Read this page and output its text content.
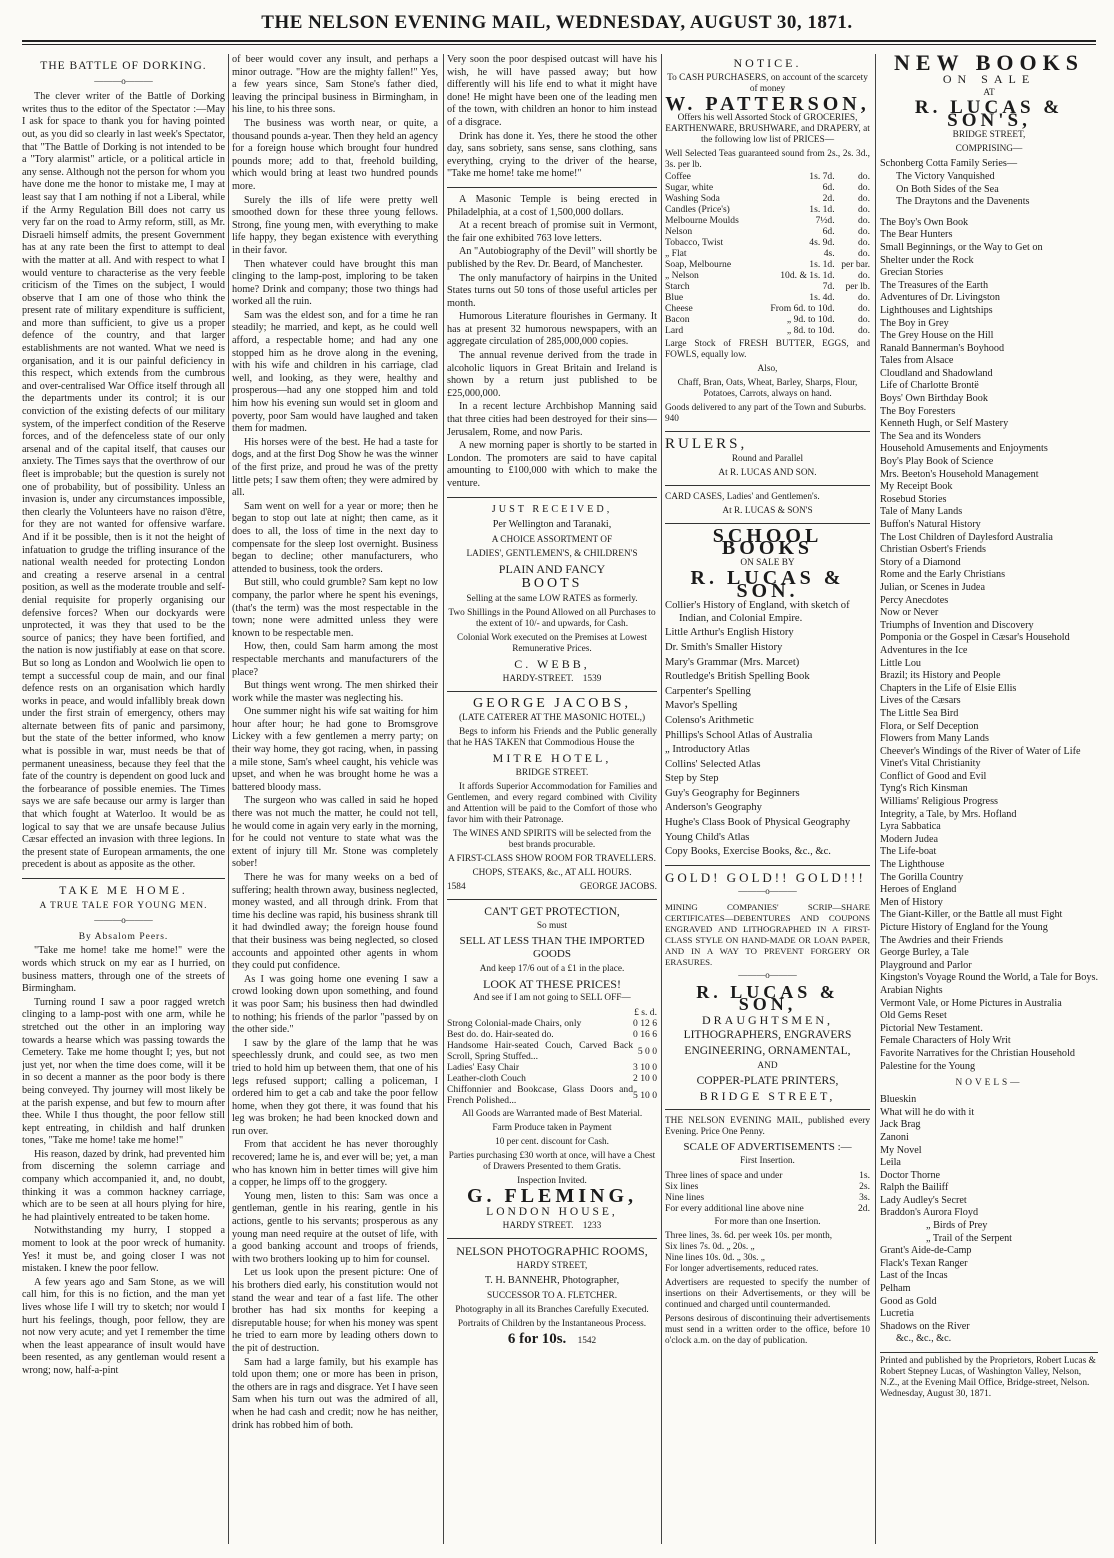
THE NELSON EVENING MAIL, WEDNESDAY, AUGUST 30, 1871.
THE BATTLE OF DORKING.
———o———

The clever writer of the Battle of Dorking writes thus to the editor of the Spectator :—May I ask for space to thank you for having pointed out, as you did so clearly in last week's Spectator, that "The Battle of Dorking is not intended to be a "Tory alarmist" article, or a political article in any sense. Although not the person for whom you have done me the honor to mistake me, I may at least say that I am nothing if not a Liberal, while if the Army Regulation Bill does not carry us very far on the road to Army reform, still, as Mr. Disraeli himself admits, the present Government has at any rate been the first to attempt to deal with the matter at all. And with respect to what I would venture to characterise as the very feeble criticism of the Times on the subject, I would observe that I am one of those who think the present rate of military expenditure is sufficient, and more than sufficient, to give us a proper defence of the country, and that larger establishments are not wanted. What we need is organisation, and it is our painful deficiency in this respect, which extends from the cumbrous and over-centralised War Office itself through all the departments under its control; it is our conviction of the existing defects of our military system, of the imperfect condition of the Reserve forces, and of the defenceless state of our only arsenal and of the capital itself, that causes our anxiety. The Times says that the overthrow of our fleet is improbable; but the question is surely not one of probability, but of possibility. Unless an invasion is, under any circumstances impossible, then clearly the Volunteers have no raison d'être, for they are not wanted for offensive warfare. And if it be possible, then is it not the height of infatuation to grudge the trifling insurance of the national wealth needed for protecting London and creating a reserve arsenal in a central position, as well as the moderate trouble and self-denial requisite for properly organising our defensive forces? When our dockyards were unprotected, it was they that used to be the source of panics; they have been fortified, and the nation is now justifiably at ease on that score. But so long as London and Woolwich lie open to tempt a successful coup de main, and our final defence rests on an organisation which hardly works in peace, and would infallibly break down under the first strain of emergency, others may alternate between fits of panic and parsimony, but the state of the better informed, who know what is possible in war, must needs be that of permanent uneasiness, because they feel that the fate of the country is dependent on good luck and the forbearance of possible enemies. The Times says we are safe because our army is larger than that which fought at Waterloo. It would be as logical to say that we are unsafe because Julius Cæsar effected an invasion with three legions. In the present state of European armaments, the one precedent is about as apposite as the other.

TAKE ME HOME.
A TRUE TALE FOR YOUNG MEN.
———o———
By Absalom Peers.

"Take me home! take me home!" were the words which struck on my ear as I hurried, on business matters, through one of the streets of Birmingham.

Turning round I saw a poor ragged wretch clinging to a lamp-post with one arm, while he stretched out the other in an imploring way towards a hearse which was passing towards the Cemetery. Take me home thought I; yes, but not just yet, nor when the time does come, will it be in so decent a manner as the poor body is there being conveyed. Thy journey will most likely be at the parish expense, and but few to mourn after thee. While I thus thought, the poor fellow still kept entreating, in childish and half drunken tones, "Take me home! take me home!"

His reason, dazed by drink, had prevented him from discerning the solemn carriage and company which accompanied it, and, no doubt, thinking it was a common hackney carriage, which are to be seen at all hours plying for hire, he had plaintively entreated to be taken home.

Notwithstanding my hurry, I stopped a moment to look at the poor wreck of humanity. Yes! it must be, and going closer I was not mistaken. I knew the poor fellow.

A few years ago and Sam Stone, as we will call him, for this is no fiction, and the man yet lives whose life I will try to sketch; nor would I hurt his feelings, though, poor fellow, they are not now very acute; and yet I remember the time when the least appearance of insult would have been resented, as any gentleman would resent a wrong; now, half-a-pint

of beer would cover any insult, and perhaps a minor outrage. "How are the mighty fallen!" Yes, a few years since, Sam Stone's father died, leaving the principal business in Birmingham, in his line, to his three sons.

The business was worth near, or quite, a thousand pounds a-year. Then they held an agency for a foreign house which brought four hundred pounds more; add to that, freehold building, which would bring at least two hundred pounds more.

Surely the ills of life were pretty well smoothed down for these three young fellows. Strong, fine young men, with everything to make life happy, they began existence with everything in their favor.

Then whatever could have brought this man clinging to the lamp-post, imploring to be taken home? Drink and company; those two things had worked all the ruin.

Sam was the eldest son, and for a time he ran steadily; he married, and kept, as he could well afford, a respectable home; and had any one stopped him as he drove along in the evening, with his wife and children in his carriage, clad well, and looking, as they were, healthy and prosperous—had any one stopped him and told him how his evening sun would set in gloom and poverty, poor Sam would have laughed and taken them for madmen.

His horses were of the best. He had a taste for dogs, and at the first Dog Show he was the winner of the first prize, and proud he was of the pretty little pets; I saw them often; they were admired by all.

Sam went on well for a year or more; then he began to stop out late at night; then came, as it does to all, the loss of time in the next day to compensate for the sleep lost overnight. Business began to decline; other manufacturers, who attended to business, took the orders.

But still, who could grumble? Sam kept no low company, the parlor where he spent his evenings, (that's the term) was the most respectable in the town; none were admitted unless they were known to be respectable men.

How, then, could Sam harm among the most respectable merchants and manufacturers of the place?

But things went wrong. The men shirked their work while the master was neglecting his.

One summer night his wife sat waiting for him hour after hour; he had gone to Bromsgrove Lickey with a few gentlemen a merry party; on their way home, they got racing, when, in passing a mile stone, Sam's wheel caught, his vehicle was upset, and when he was brought home he was a battered bloody mass.

The surgeon who was called in said he hoped there was not much the matter, he could not tell, he would come in again very early in the morning, for he could not venture to state what was the extent of injury till Mr. Stone was completely sober!

There he was for many weeks on a bed of suffering; health thrown away, business neglected, money wasted, and all through drink. From that time his decline was rapid, his business shrank till it had dwindled away; the foreign house found that their business was being neglected, so closed accounts and appointed other agents in whom they could put confidence.

As I was going home one evening I saw a crowd looking down upon something, and found it was poor Sam; his business then had dwindled to nothing; his friends of the parlor "passed by on the other side."

I saw by the glare of the lamp that he was speechlessly drunk, and could see, as two men tried to hold him up between them, that one of his legs refused support; calling a policeman, I ordered him to get a cab and take the poor fellow home, when they got there, it was found that his leg was broken; he had been knocked down and run over.

From that accident he has never thoroughly recovered; lame he is, and ever will be; yet, a man who has known him in better times will give him a copper, he limps off to the groggery.

Young men, listen to this: Sam was once a gentleman, gentle in his rearing, gentle in his actions, gentle to his servants; prosperous as any young man need require at the outset of life, with a good banking account and troops of friends, with two brothers looking up to him for counsel.

Let us look upon the present picture: One of his brothers died early, his constitution would not stand the wear and tear of a fast life. The other brother has had six months for keeping a disreputable house; for when his money was spent he tried to earn more by leading others down to the pit of destruction.

Sam had a large family, but his example has told upon them; one or more has been in prison, the others are in rags and disgrace. Yet I have seen Sam when his turn out was the admired of all, when he had cash and credit; now he has neither, drink has robbed him of both.

Very soon the poor despised outcast will have his wish, he will have passed away; but how differently will his life end to what it might have done! He might have been one of the leading men of the town, with children an honor to him instead of a disgrace.

Drink has done it. Yes, there he stood the other day, sans sobriety, sans sense, sans clothing, sans everything, crying to the driver of the hearse, "Take me home! take me home!"

A Masonic Temple is being erected in Philadelphia, at a cost of 1,500,000 dollars.

At a recent breach of promise suit in Vermont, the fair one exhibited 763 love letters.

An "Autobiography of the Devil" will shortly be published by the Rev. Dr. Beard, of Manchester.

The only manufactory of hairpins in the United States turns out 50 tons of those useful articles per month.

Humorous Literature flourishes in Germany. It has at present 32 humorous newspapers, with an aggregate circulation of 285,000,000 copies.

The annual revenue derived from the trade in alcoholic liquors in Great Britain and Ireland is shown by a return just published to be £25,000,000.

In a recent lecture Archbishop Manning said that three cities had been destroyed for their sins—Jerusalem, Rome, and now Paris.

A new morning paper is shortly to be started in London. The promoters are said to have capital amounting to £100,000 with which to make the venture.

JUST RECEIVED,
Per Wellington and Taranaki,
A CHOICE ASSORTMENT OF
LADIES', GENTLEMEN'S, & CHILDREN'S
PLAIN AND FANCY
BOOTS
Selling at the same LOW RATES as formerly.
Two Shillings in the Pound Allowed on all Purchases to the extent of 10/- and upwards, for Cash.
Colonial Work executed on the Premises at Lowest Remunerative Prices.
C. WEBB,
HARDY-STREET. 1539
GEORGE JACOBS,
(LATE CATERER AT THE MASONIC HOTEL,)

Begs to inform his Friends and the Public generally that he HAS TAKEN that Commodious House the

MITRE HOTEL,
BRIDGE STREET.

It affords Superior Accommodation for Families and Gentlemen, and every regard combined with Civility and Attention will be paid to the Comfort of those who favor him with their Patronage.

The WINES AND SPIRITS will be selected from the best brands procurable.
A FIRST-CLASS SHOW ROOM FOR TRAVELLERS.
CHOPS, STEAKS, &c., AT ALL HOURS.
1584	GEORGE JACOBS.
CAN'T GET PROTECTION,
So must
SELL AT LESS THAN THE IMPORTED GOODS
And keep 17/6 out of a £1 in the place.
LOOK AT THESE PRICES!
And see if I am not going to SELL OFF—
	£ s. d.
Strong Colonial-made Chairs, only	0 12 6
Best do. do. Hair-seated do.	0 16 6
Handsome Hair-seated Couch, Carved Back Scroll, Spring Stuffed...	5 0 0
Ladies' Easy Chair	3 10 0
Leather-cloth Couch	2 10 0
Chiffonnier and Bookcase, Glass Doors and French Polished...	5 10 0
All Goods are Warranted made of Best Material.
Farm Produce taken in Payment
10 per cent. discount for Cash.
Parties purchasing £30 worth at once, will have a Chest of Drawers Presented to them Gratis.
Inspection Invited.
G. FLEMING,
LONDON HOUSE,
HARDY STREET. 1233
NELSON PHOTOGRAPHIC ROOMS,
HARDY STREET,
T. H. BANNEHR, Photographer,
SUCCESSOR TO A. FLETCHER.
Photography in all its Branches Carefully Executed.
Portraits of Children by the Instantaneous Process.
6 for 10s. 1542
NOTICE.
To CASH PURCHASERS, on account of the scarcety of money
W. PATTERSON,
Offers his well Assorted Stock of GROCERIES, EARTHENWARE, BRUSHWARE, and DRAPERY, at the following low list of PRICES—
Well Selected Teas guaranteed sound from 2s., 2s. 3d., 3s. per lb.
Coffee	1s. 7d.	do.
Sugar, white	6d.	do.
Washing Soda	2d.	do.
Candles (Price's)	1s. 1d.	do.
Melbourne Moulds	7½d.	do.
Nelson	6d.	do.
Tobacco, Twist	4s. 9d.	do.
„ Flat	4s.	do.
Soap, Melbourne	1s. 1d.	per bar.
„ Nelson	10d. & 1s. 1d.	do.
Starch	7d.	per lb.
Blue	1s. 4d.	do.
Cheese	From 6d. to 10d.	do.
Bacon	„ 9d. to 10d.	do.
Lard	„ 8d. to 10d.	do.
Large Stock of FRESH BUTTER, EGGS, and FOWLS, equally low.
Also,
Chaff, Bran, Oats, Wheat, Barley, Sharps, Flour, Potatoes, Carrots, always on hand.
Goods delivered to any part of the Town and Suburbs.
940
RULERS,
Round and Parallel
At R. LUCAS AND SON.
CARD CASES, Ladies' and Gentlemen's.
At R. LUCAS & SON'S
SCHOOL BOOKS
ON SALE BY
R. LUCAS & SON.
Collier's History of England, with sketch of Indian, and Colonial Empire.
Little Arthur's English History
Dr. Smith's Smaller History
Mary's Grammar (Mrs. Marcet)
Routledge's British Spelling Book
Carpenter's Spelling
Mavor's Spelling
Colenso's Arithmetic
Phillips's School Atlas of Australia
„ Introductory Atlas
Collins' Selected Atlas
Step by Step
Guy's Geography for Beginners
Anderson's Geography
Hughe's Class Book of Physical Geography
Young Child's Atlas
Copy Books, Exercise Books, &c., &c.
GOLD! GOLD!! GOLD!!!
———o———
MINING COMPANIES' SCRIP—SHARE CERTIFICATES—DEBENTURES AND COUPONS ENGRAVED AND LITHOGRAPHED IN A FIRST-CLASS STYLE ON HAND-MADE OR LOAN PAPER, AND IN A WAY TO PREVENT FORGERY OR ERASURES.
———o———
R. LUCAS & SON,
DRAUGHTSMEN,
LITHOGRAPHERS, ENGRAVERS
ENGINEERING, ORNAMENTAL,
AND
COPPER-PLATE PRINTERS,
BRIDGE STREET,
THE NELSON EVENING MAIL, published every Evening. Price One Penny.
SCALE OF ADVERTISEMENTS :—
First Insertion.
Three lines of space and under	1s.
Six lines	2s.
Nine lines	3s.
For every additional line above nine	2d.
For more than one Insertion.
Three lines, 3s. 6d. per week 10s. per month,
Six lines 7s. 0d. „ 20s. „
Nine lines 10s. 0d. „ 30s. „
For longer advertisements, reduced rates.
Advertisers are requested to specify the number of insertions on their Advertisements, or they will be continued and charged until countermanded.
Persons desirous of discontinuing their advertisements must send in a written order to the office, before 10 o'clock a.m. on the day of publication.
NEW BOOKS
ON SALE
AT
R. LUCAS & SON'S,
BRIDGE STREET,
COMPRISING—
Schonberg Cotta Family Series—
The Victory Vanquished
On Both Sides of the Sea
The Draytons and the Davenents
The Boy's Own Book
The Bear Hunters
Small Beginnings, or the Way to Get on
Shelter under the Rock
Grecian Stories
The Treasures of the Earth
Adventures of Dr. Livingston
Lighthouses and Lightships
The Boy in Grey
The Grey House on the Hill
Ranald Bannerman's Boyhood
Tales from Alsace
Cloudland and Shadowland
Life of Charlotte Brontë
Boys' Own Birthday Book
The Boy Foresters
Kenneth Hugh, or Self Mastery
The Sea and its Wonders
Household Amusements and Enjoyments
Boy's Play Book of Science
Mrs. Beeton's Household Management
My Receipt Book
Rosebud Stories
Tale of Many Lands
Buffon's Natural History
The Lost Children of Daylesford Australia
Christian Osbert's Friends
Story of a Diamond
Rome and the Early Christians
Julian, or Scenes in Judea
Percy Anecdotes
Now or Never
Triumphs of Invention and Discovery
Pomponia or the Gospel in Cæsar's Household
Adventures in the Ice
Little Lou
Brazil; its History and People
Chapters in the Life of Elsie Ellis
Lives of the Cæsars
The Little Sea Bird
Flora, or Self Deception
Flowers from Many Lands
Cheever's Windings of the River of Water of Life
Vinet's Vital Christianity
Conflict of Good and Evil
Tyng's Rich Kinsman
Williams' Religious Progress
Integrity, a Tale, by Mrs. Hofland
Lyra Sabbatica
Modern Judea
The Life-boat
The Lighthouse
The Gorilla Country
Heroes of England
Men of History
The Giant-Killer, or the Battle all must Fight
Picture History of England for the Young
The Awdries and their Friends
George Burley, a Tale
Playground and Parlor
Kingston's Voyage Round the World, a Tale for Boys.
Arabian Nights
Vermont Vale, or Home Pictures in Australia
Old Gems Reset
Pictorial New Testament.
Female Characters of Holy Writ
Favorite Narratives for the Christian Household
Palestine for the Young
NOVELS—
Blueskin
What will he do with it
Jack Brag
Zanoni
My Novel
Leila
Doctor Thorne
Ralph the Bailiff
Lady Audley's Secret
Braddon's Aurora Floyd
„ Birds of Prey
„ Trail of the Serpent
Grant's Aide-de-Camp
Flack's Texan Ranger
Last of the Incas
Pelham
Good as Gold
Lucretia
Shadows on the River
&c., &c., &c.
Printed and published by the Proprietors, Robert Lucas & Robert Stepney Lucas, of Washington Valley, Nelson, N.Z., at the Evening Mail Office, Bridge-street, Nelson. Wednesday, August 30, 1871.
